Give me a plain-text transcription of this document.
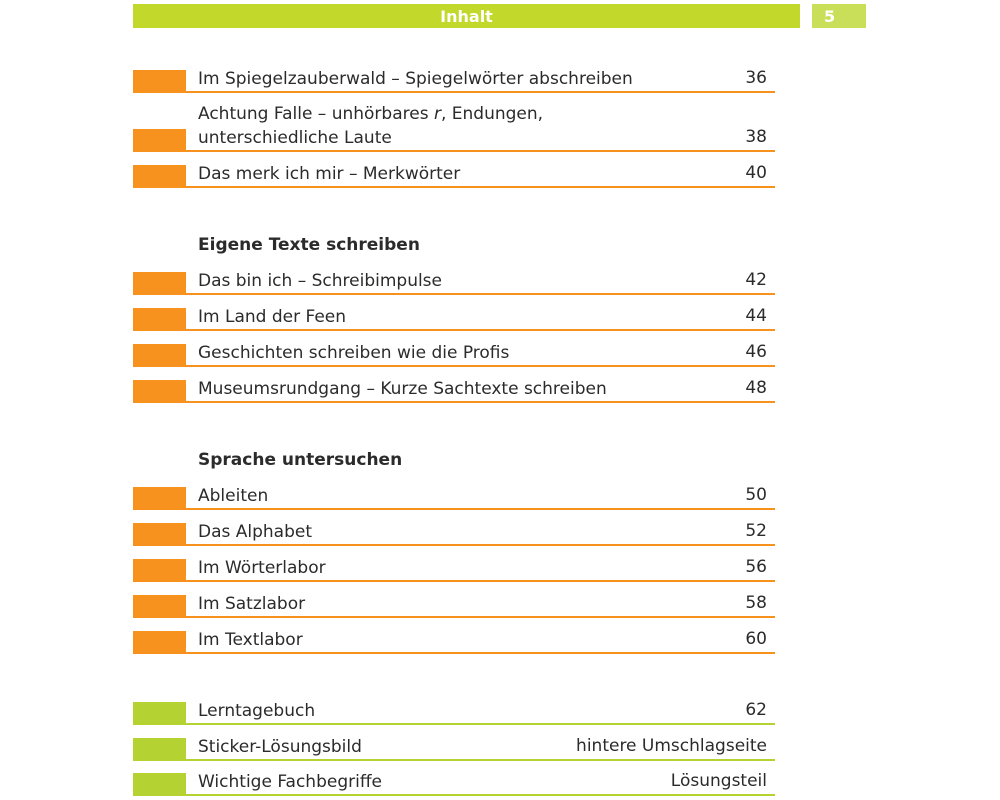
Inhalt	5
Im Spiegelzauberwald – Spiegelwörter abschreiben	36
Achtung Falle – unhörbares r, Endungen,
unterschiedliche Laute	38
Das merk ich mir – Merkwörter	40
Eigene Texte schreiben
Das bin ich – Schreibimpulse	42
Im Land der Feen	44
Geschichten schreiben wie die Profis	46
Museumsrundgang – Kurze Sachtexte schreiben	48
Sprache untersuchen
Ableiten	50
Das Alphabet	52
Im Wörterlabor	56
Im Satzlabor	58
Im Textlabor	60
Lerntagebuch	62
Sticker-Lösungsbild	hintere Umschlagseite
Wichtige Fachbegriffe	Lösungsteil
